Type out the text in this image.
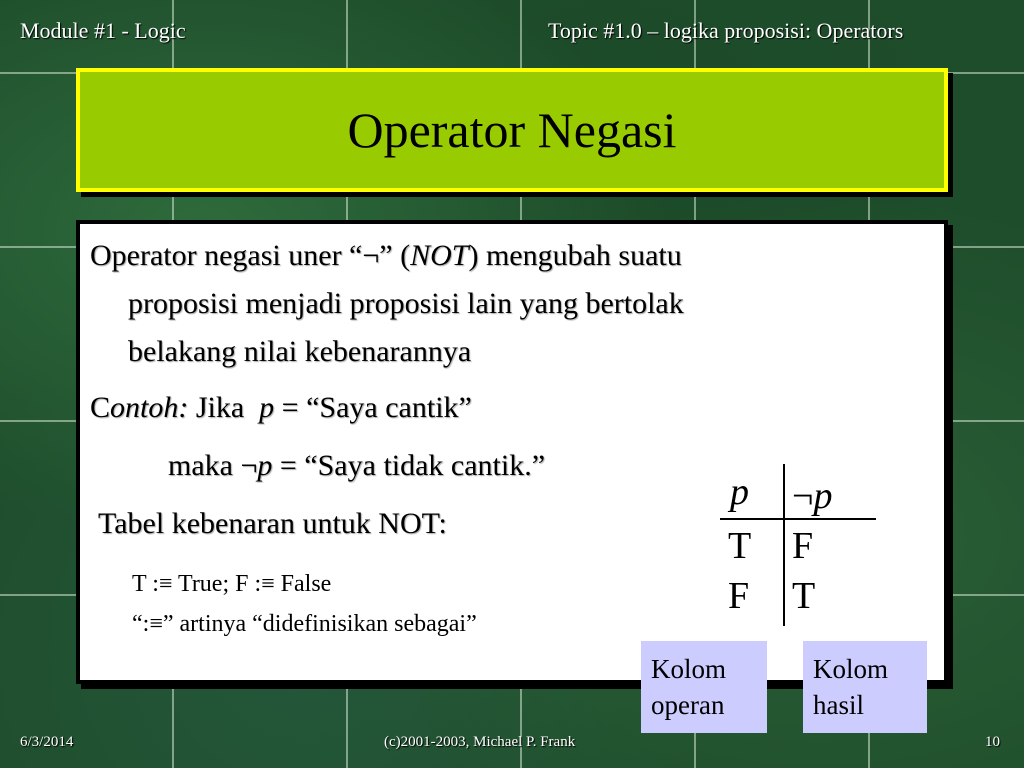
Module #1 - Logic	Topic #1.0 – logika proposisi: Operators
Operator Negasi
Operator negasi uner “¬” (NOT) mengubah suatu
proposisi menjadi proposisi lain yang bertolak
belakang nilai kebenarannya
Contoh: Jika  p = “Saya cantik”
maka ¬p = “Saya tidak cantik.”
Tabel kebenaran untuk NOT:
T :≡ True; F :≡ False
“:≡” artinya “didefinisikan sebagai”
p ¬p
T F
F T
Kolom
operan
Kolom
hasil
6/3/2014	(c)2001-2003, Michael P. Frank	10
